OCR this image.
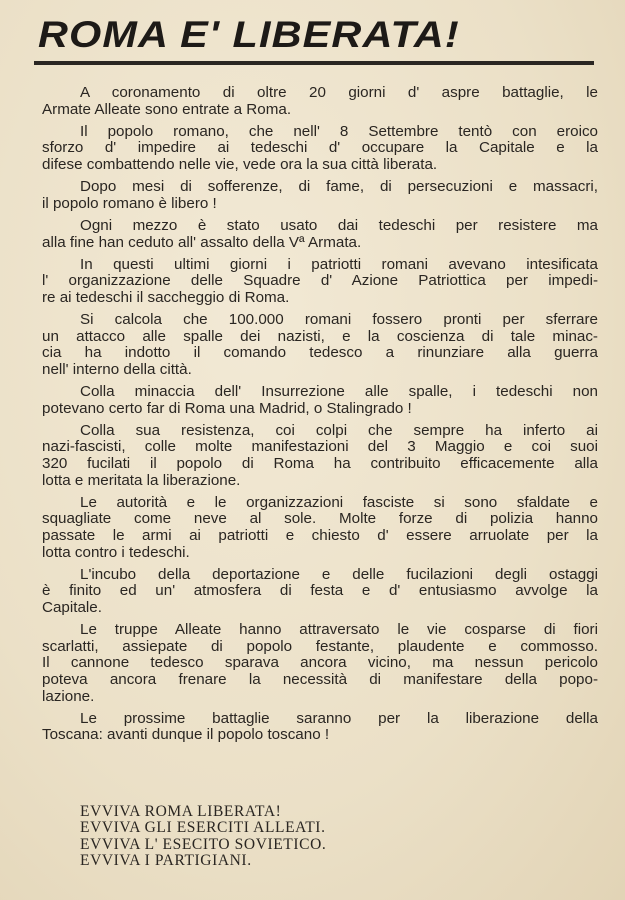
ROMA E' LIBERATA!
A coronamento di oltre 20 giorni d' aspre battaglie, le
Armate Alleate sono entrate a Roma.
Il popolo romano, che nell' 8 Settembre tentò con eroico
sforzo d' impedire ai tedeschi d' occupare la Capitale e la
difese combattendo nelle vie, vede ora la sua città liberata.
Dopo mesi di sofferenze, di fame, di persecuzioni e massacri,
il popolo romano è libero !
Ogni mezzo è stato usato dai tedeschi per resistere ma
alla fine han ceduto all' assalto della Vª Armata.
In questi ultimi giorni i patriotti romani avevano intesificata
l' organizzazione delle Squadre d' Azione Patriottica per impedi-
re ai tedeschi il saccheggio di Roma.
Si calcola che 100.000 romani fossero pronti per sferrare
un attacco alle spalle dei nazisti, e la coscienza di tale minac-
cia ha indotto il comando tedesco a rinunziare alla guerra
nell' interno della città.
Colla minaccia dell' Insurrezione alle spalle, i tedeschi non
potevano certo far di Roma una Madrid, o Stalingrado !
Colla sua resistenza, coi colpi che sempre ha inferto ai
nazi-fascisti, colle molte manifestazioni del 3 Maggio e coi suoi
320 fucilati il popolo di Roma ha contribuito efficacemente alla
lotta e meritata la liberazione.
Le autorità e le organizzazioni fasciste si sono sfaldate e
squagliate come neve al sole. Molte forze di polizia hanno
passate le armi ai patriotti e chiesto d' essere arruolate per la
lotta contro i tedeschi.
L'incubo della deportazione e delle fucilazioni degli ostaggi
è finito ed un' atmosfera di festa e d' entusiasmo avvolge la
Capitale.
Le truppe Alleate hanno attraversato le vie cosparse di fiori
scarlatti, assiepate di popolo festante, plaudente e commosso.
Il cannone tedesco sparava ancora vicino, ma nessun pericolo
poteva ancora frenare la necessità di manifestare della popo-
lazione.
Le prossime battaglie saranno per la liberazione della
Toscana: avanti dunque il popolo toscano !
EVVIVA ROMA LIBERATA!
EVVIVA GLI ESERCITI ALLEATI.
EVVIVA L' ESECITO SOVIETICO.
EVVIVA I PARTIGIANI.
